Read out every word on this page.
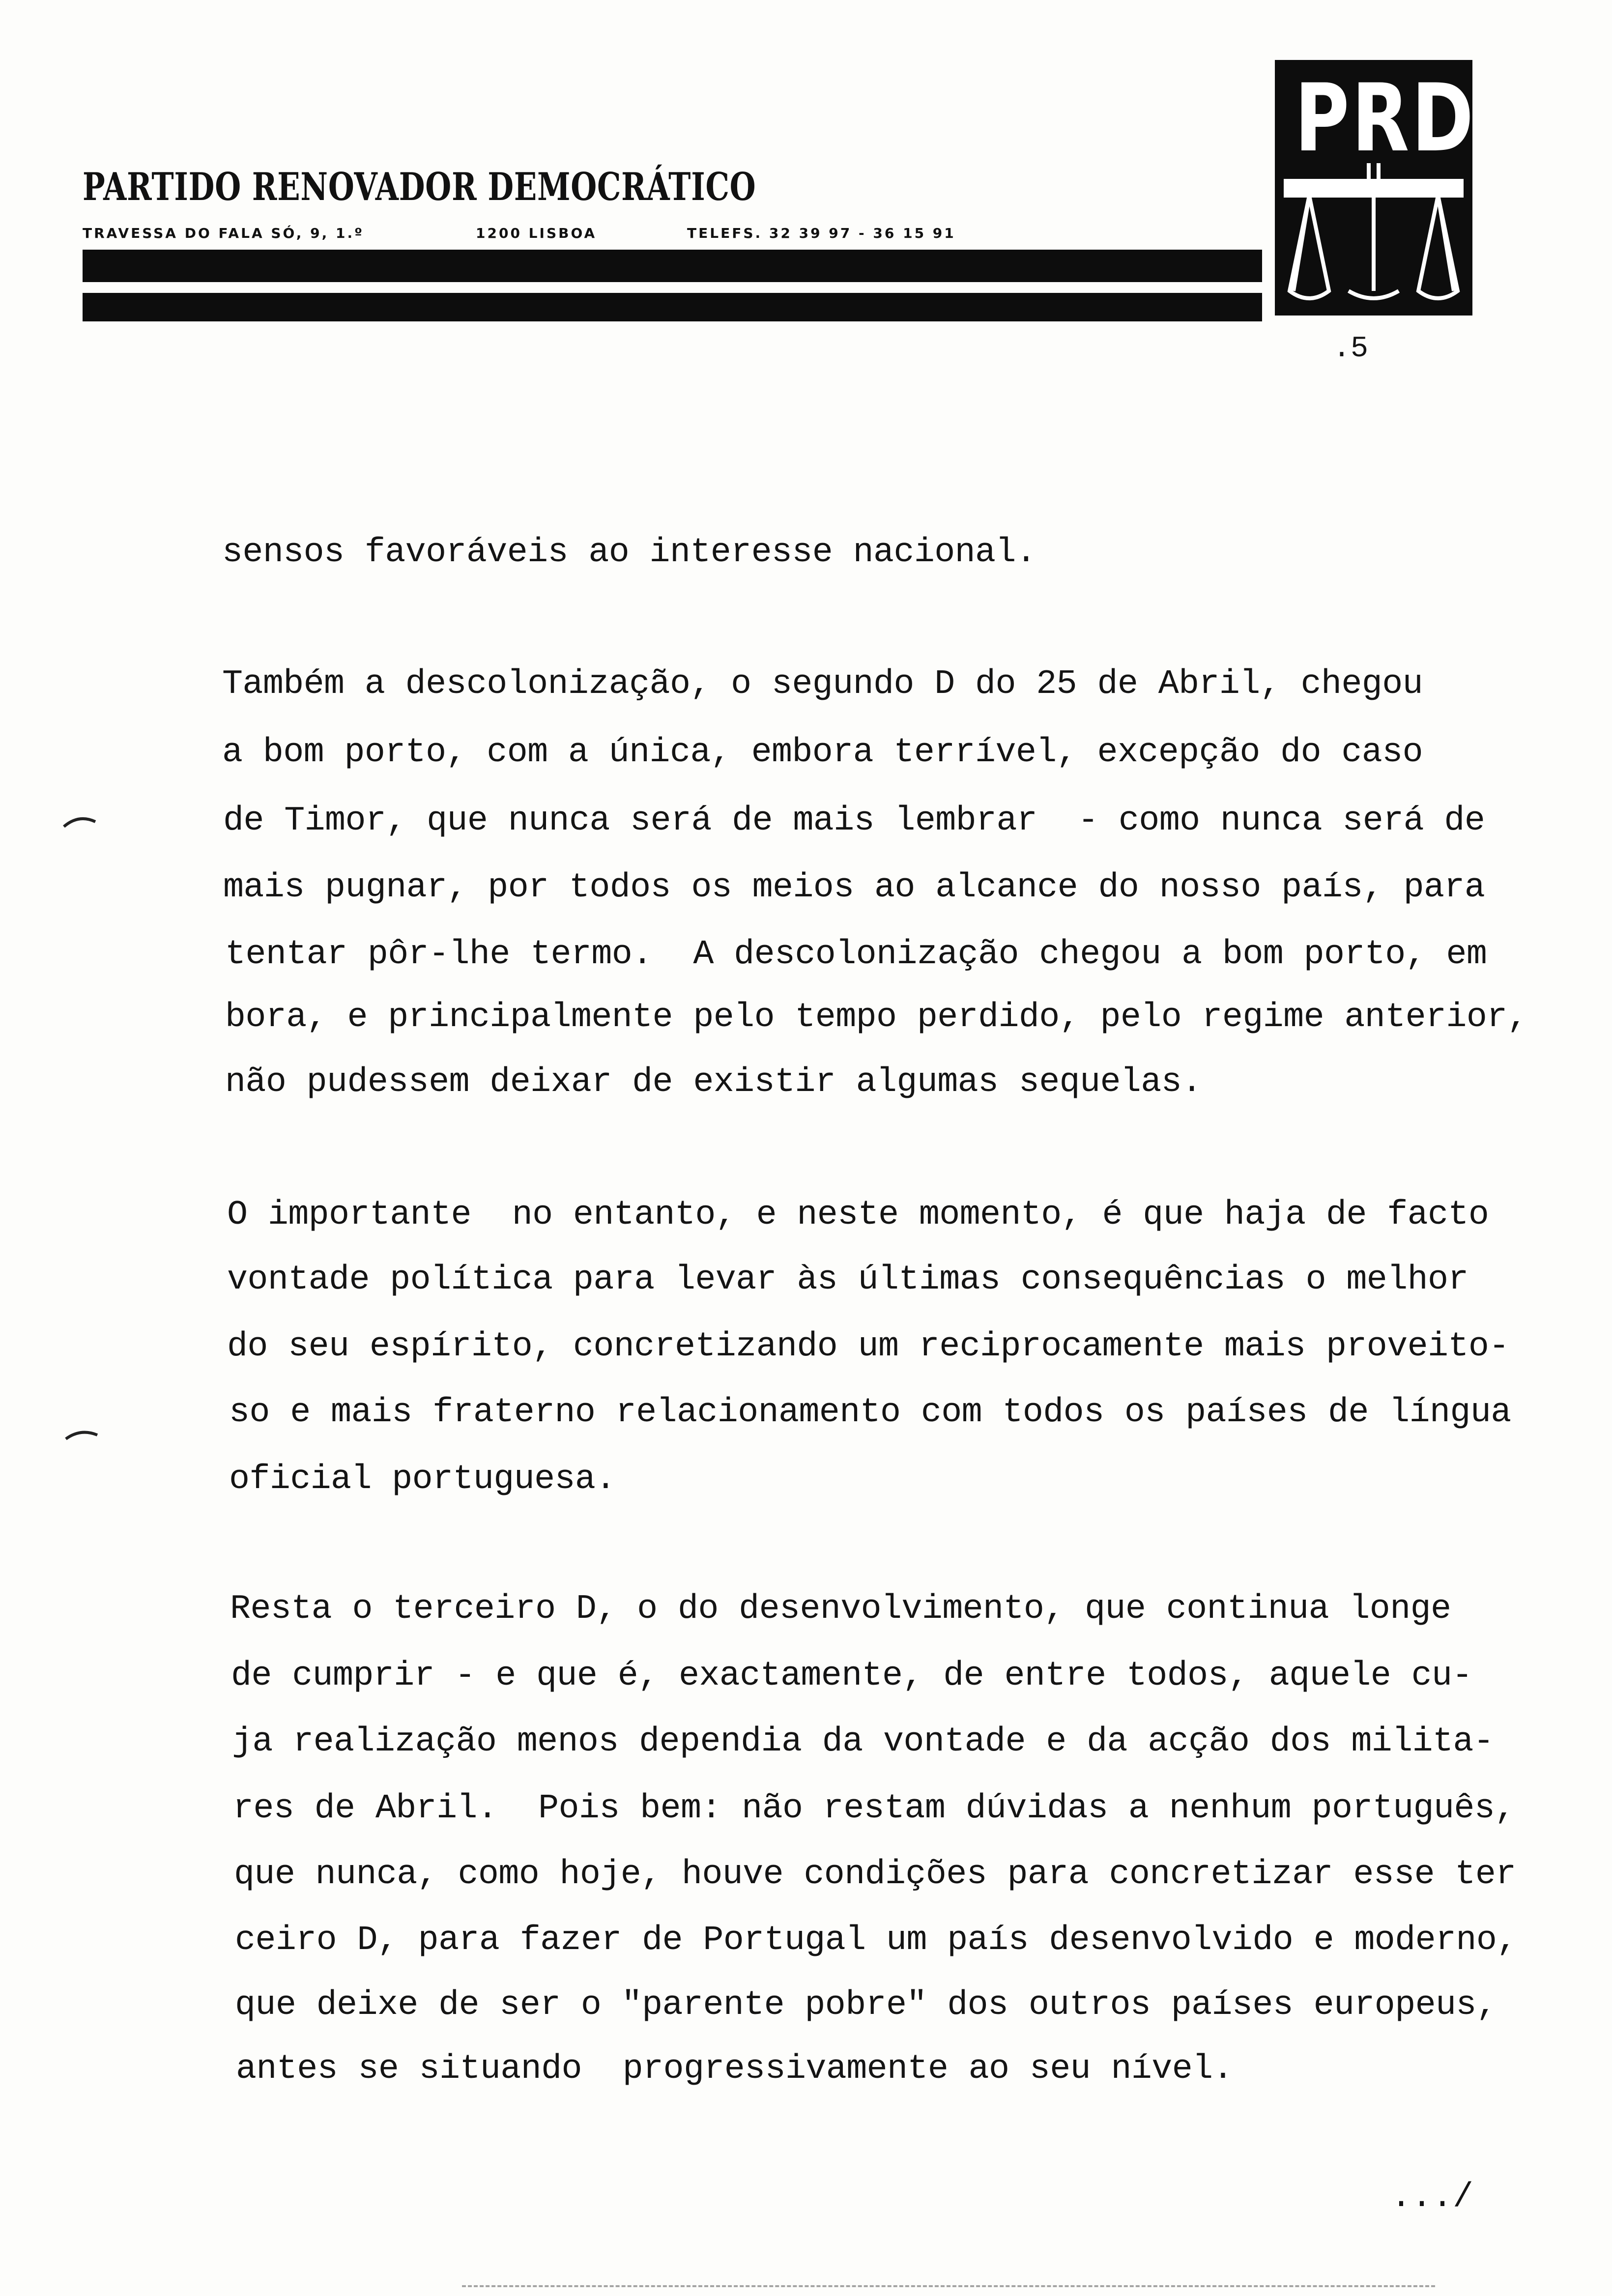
PARTIDO RENOVADOR DEMOCRÁTICO
TRAVESSA DO FALA SÓ, 9, 1.º	1200 LISBOA	TELEFS. 32 39 97 - 36 15 91
PRD
.5
sensos favoráveis ao interesse nacional.
Também a descolonização, o segundo D do 25 de Abril, chegou
a bom porto, com a única, embora terrível, excepção do caso
de Timor, que nunca será de mais lembrar  - como nunca será de
mais pugnar, por todos os meios ao alcance do nosso país, para
tentar pôr-lhe termo.  A descolonização chegou a bom porto, em
bora, e principalmente pelo tempo perdido, pelo regime anterior,
não pudessem deixar de existir algumas sequelas.
O importante  no entanto, e neste momento, é que haja de facto
vontade política para levar às últimas consequências o melhor
do seu espírito, concretizando um reciprocamente mais proveito-
so e mais fraterno relacionamento com todos os países de língua
oficial portuguesa.
Resta o terceiro D, o do desenvolvimento, que continua longe
de cumprir - e que é, exactamente, de entre todos, aquele cu-
ja realização menos dependia da vontade e da acção dos milita-
res de Abril.  Pois bem: não restam dúvidas a nenhum português,
que nunca, como hoje, houve condições para concretizar esse ter
ceiro D, para fazer de Portugal um país desenvolvido e moderno,
que deixe de ser o "parente pobre" dos outros países europeus,
antes se situando  progressivamente ao seu nível.
.../
